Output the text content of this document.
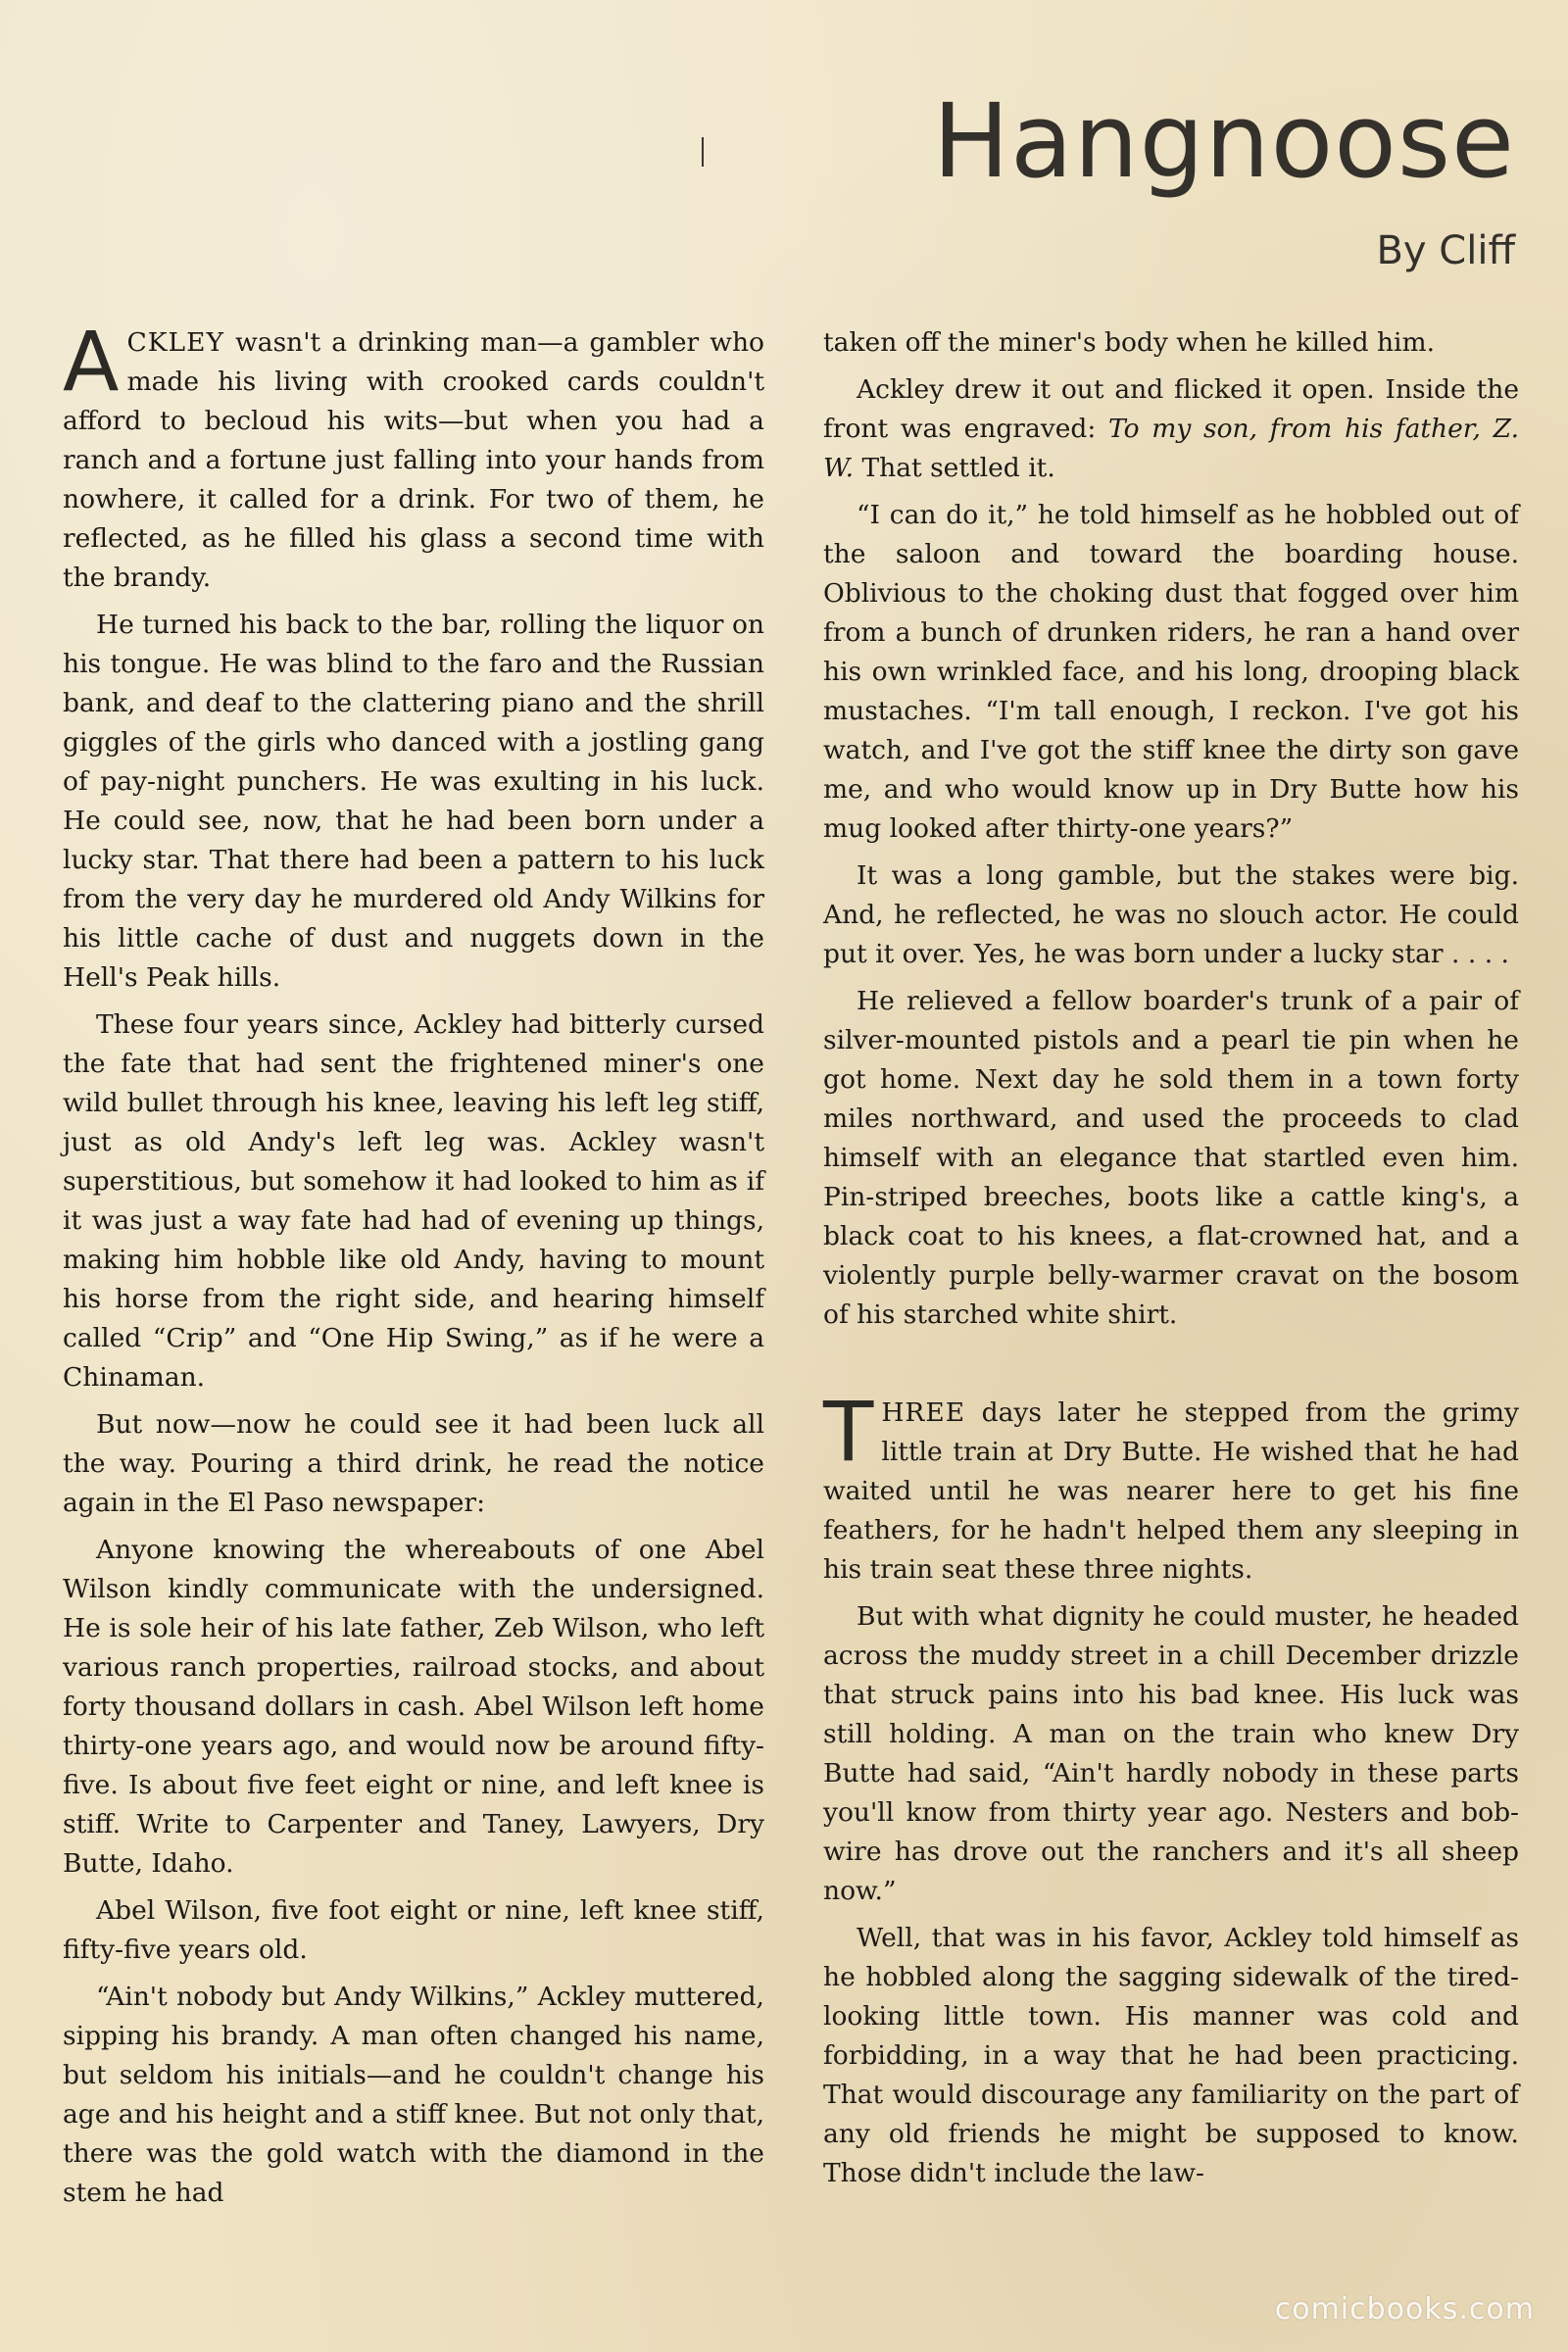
Hangnoose
By Cliff

ACKLEY wasn't a drinking man—a gambler who made his living with crooked cards couldn't afford to becloud his wits—but when you had a ranch and a fortune just falling into your hands from nowhere, it called for a drink. For two of them, he reflected, as he filled his glass a second time with the brandy.

He turned his back to the bar, rolling the liquor on his tongue. He was blind to the faro and the Russian bank, and deaf to the clattering piano and the shrill giggles of the girls who danced with a jostling gang of pay-night punchers. He was exulting in his luck. He could see, now, that he had been born under a lucky star. That there had been a pattern to his luck from the very day he murdered old Andy Wilkins for his little cache of dust and nuggets down in the Hell's Peak hills.

These four years since, Ackley had bitterly cursed the fate that had sent the frightened miner's one wild bullet through his knee, leaving his left leg stiff, just as old Andy's left leg was. Ackley wasn't superstitious, but somehow it had looked to him as if it was just a way fate had had of evening up things, making him hobble like old Andy, having to mount his horse from the right side, and hearing himself called “Crip” and “One Hip Swing,” as if he were a Chinaman.

But now—now he could see it had been luck all the way. Pouring a third drink, he read the notice again in the El Paso newspaper:

Anyone knowing the whereabouts of one Abel Wilson kindly communicate with the undersigned. He is sole heir of his late father, Zeb Wilson, who left various ranch properties, railroad stocks, and about forty thousand dollars in cash. Abel Wilson left home thirty-one years ago, and would now be around fifty-five. Is about five feet eight or nine, and left knee is stiff. Write to Carpenter and Taney, Lawyers, Dry Butte, Idaho.

Abel Wilson, five foot eight or nine, left knee stiff, fifty-five years old.

“Ain't nobody but Andy Wilkins,” Ackley muttered, sipping his brandy. A man often changed his name, but seldom his initials—and he couldn't change his age and his height and a stiff knee. But not only that, there was the gold watch with the diamond in the stem he had

taken off the miner's body when he killed him.

Ackley drew it out and flicked it open. Inside the front was engraved: To my son, from his father, Z. W. That settled it.

“I can do it,” he told himself as he hobbled out of the saloon and toward the boarding house. Oblivious to the choking dust that fogged over him from a bunch of drunken riders, he ran a hand over his own wrinkled face, and his long, drooping black mustaches. “I'm tall enough, I reckon. I've got his watch, and I've got the stiff knee the dirty son gave me, and who would know up in Dry Butte how his mug looked after thirty-one years?”

It was a long gamble, but the stakes were big. And, he reflected, he was no slouch actor. He could put it over. Yes, he was born under a lucky star . . . .

He relieved a fellow boarder's trunk of a pair of silver-mounted pistols and a pearl tie pin when he got home. Next day he sold them in a town forty miles northward, and used the proceeds to clad himself with an elegance that startled even him. Pin-striped breeches, boots like a cattle king's, a black coat to his knees, a flat-crowned hat, and a violently purple belly-warmer cravat on the bosom of his starched white shirt.

THREE days later he stepped from the grimy little train at Dry Butte. He wished that he had waited until he was nearer here to get his fine feathers, for he hadn't helped them any sleeping in his train seat these three nights.

But with what dignity he could muster, he headed across the muddy street in a chill December drizzle that struck pains into his bad knee. His luck was still holding. A man on the train who knew Dry Butte had said, “Ain't hardly nobody in these parts you'll know from thirty year ago. Nesters and bob-wire has drove out the ranchers and it's all sheep now.”

Well, that was in his favor, Ackley told himself as he hobbled along the sagging sidewalk of the tired-looking little town. His manner was cold and forbidding, in a way that he had been practicing. That would discourage any familiarity on the part of any old friends he might be supposed to know. Those didn't include the law-

comicbooks.com
